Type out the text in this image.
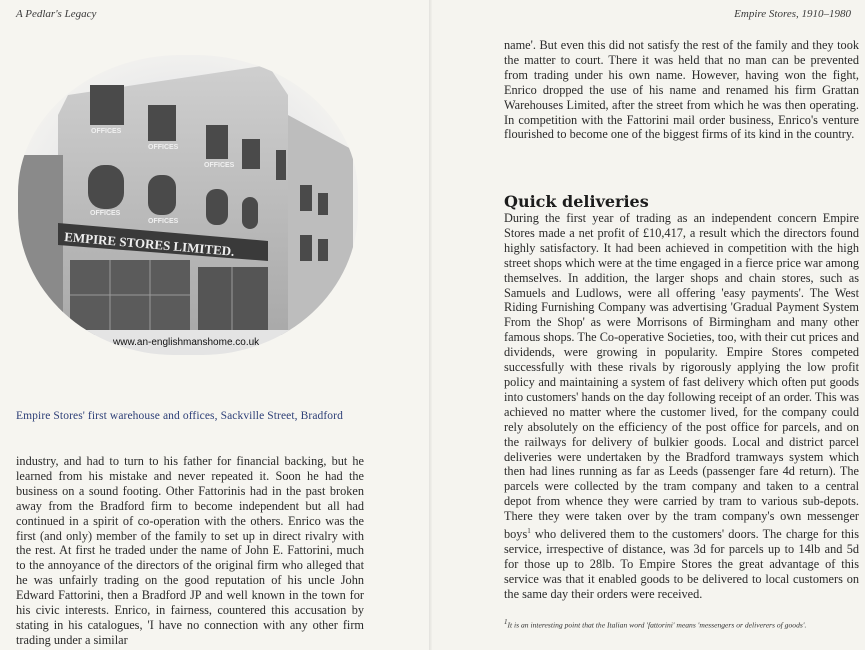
A Pedlar's Legacy
OFFICES
OFFICES
OFFICES
OFFICES
OFFICES
EMPIRE STORES LIMITED.
www.an-englishmanshome.co.uk
Empire Stores' first warehouse and offices, Sackville Street, Bradford

industry, and had to turn to his father for financial backing, but he learned from his mistake and never repeated it. Soon he had the business on a sound footing. Other Fattorinis had in the past broken away from the Bradford firm to become independent but all had continued in a spirit of co-operation with the others. Enrico was the first (and only) member of the family to set up in direct rivalry with the rest. At first he traded under the name of John E. Fattorini, much to the annoyance of the directors of the original firm who alleged that he was unfairly trading on the good reputation of his uncle John Edward Fattorini, then a Bradford JP and well known in the town for his civic interests. Enrico, in fairness, countered this accusation by stating in his catalogues, 'I have no connection with any other firm trading under a similar

Empire Stores, 1910–1980

name'. But even this did not satisfy the rest of the family and they took the matter to court. There it was held that no man can be prevented from trading under his own name. However, having won the fight, Enrico dropped the use of his name and renamed his firm Grattan Warehouses Limited, after the street from which he was then operating. In competition with the Fattorini mail order business, Enrico's venture flourished to become one of the biggest firms of its kind in the country.

Quick deliveries

During the first year of trading as an independent concern Empire Stores made a net profit of £10,417, a result which the directors found highly satisfactory. It had been achieved in competition with the high street shops which were at the time engaged in a fierce price war among themselves. In addition, the larger shops and chain stores, such as Samuels and Ludlows, were all offering 'easy payments'. The West Riding Furnishing Company was advertising 'Gradual Payment System From the Shop' as were Morrisons of Birmingham and many other famous shops. The Co-operative Societies, too, with their cut prices and dividends, were growing in popularity. Empire Stores competed successfully with these rivals by rigorously applying the low profit policy and maintaining a system of fast delivery which often put goods into customers' hands on the day following receipt of an order. This was achieved no matter where the customer lived, for the company could rely absolutely on the efficiency of the post office for parcels, and on the railways for delivery of bulkier goods. Local and district parcel deliveries were undertaken by the Bradford tramways system which then had lines running as far as Leeds (passenger fare 4d return). The parcels were collected by the tram company and taken to a central depot from whence they were carried by tram to various sub-depots. There they were taken over by the tram company's own messenger boys$^1$ who delivered them to the customers' doors. The charge for this service, irrespective of distance, was 3d for parcels up to 14lb and 5d for those up to 28lb. To Empire Stores the great advantage of this service was that it enabled goods to be delivered to local customers on the same day their orders were received.

$^1$It is an interesting point that the Italian word 'fattorini' means 'messengers or deliverers of goods'.
